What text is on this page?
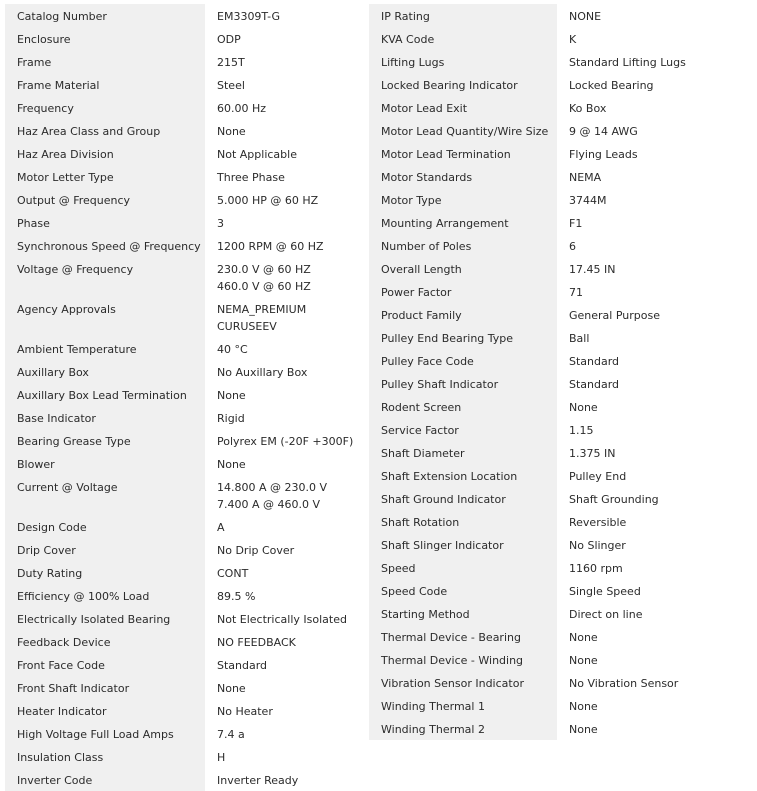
Catalog Number	EM3309T-G
Enclosure	ODP
Frame	215T
Frame Material	Steel
Frequency	60.00 Hz
Haz Area Class and Group	None
Haz Area Division	Not Applicable
Motor Letter Type	Three Phase
Output @ Frequency	5.000 HP @ 60 HZ
Phase	3
Synchronous Speed @ Frequency	1200 RPM @ 60 HZ
Voltage @ Frequency	230.0 V @ 60 HZ
460.0 V @ 60 HZ
Agency Approvals	NEMA_PREMIUM
CURUSEEV
Ambient Temperature	40 °C
Auxillary Box	No Auxillary Box
Auxillary Box Lead Termination	None
Base Indicator	Rigid
Bearing Grease Type	Polyrex EM (-20F +300F)
Blower	None
Current @ Voltage	14.800 A @ 230.0 V
7.400 A @ 460.0 V
Design Code	A
Drip Cover	No Drip Cover
Duty Rating	CONT
Efficiency @ 100% Load	89.5 %
Electrically Isolated Bearing	Not Electrically Isolated
Feedback Device	NO FEEDBACK
Front Face Code	Standard
Front Shaft Indicator	None
Heater Indicator	No Heater
High Voltage Full Load Amps	7.4 a
Insulation Class	H
Inverter Code	Inverter Ready
IP Rating	NONE
KVA Code	K
Lifting Lugs	Standard Lifting Lugs
Locked Bearing Indicator	Locked Bearing
Motor Lead Exit	Ko Box
Motor Lead Quantity/Wire Size	9 @ 14 AWG
Motor Lead Termination	Flying Leads
Motor Standards	NEMA
Motor Type	3744M
Mounting Arrangement	F1
Number of Poles	6
Overall Length	17.45 IN
Power Factor	71
Product Family	General Purpose
Pulley End Bearing Type	Ball
Pulley Face Code	Standard
Pulley Shaft Indicator	Standard
Rodent Screen	None
Service Factor	1.15
Shaft Diameter	1.375 IN
Shaft Extension Location	Pulley End
Shaft Ground Indicator	Shaft Grounding
Shaft Rotation	Reversible
Shaft Slinger Indicator	No Slinger
Speed	1160 rpm
Speed Code	Single Speed
Starting Method	Direct on line
Thermal Device - Bearing	None
Thermal Device - Winding	None
Vibration Sensor Indicator	No Vibration Sensor
Winding Thermal 1	None
Winding Thermal 2	None
